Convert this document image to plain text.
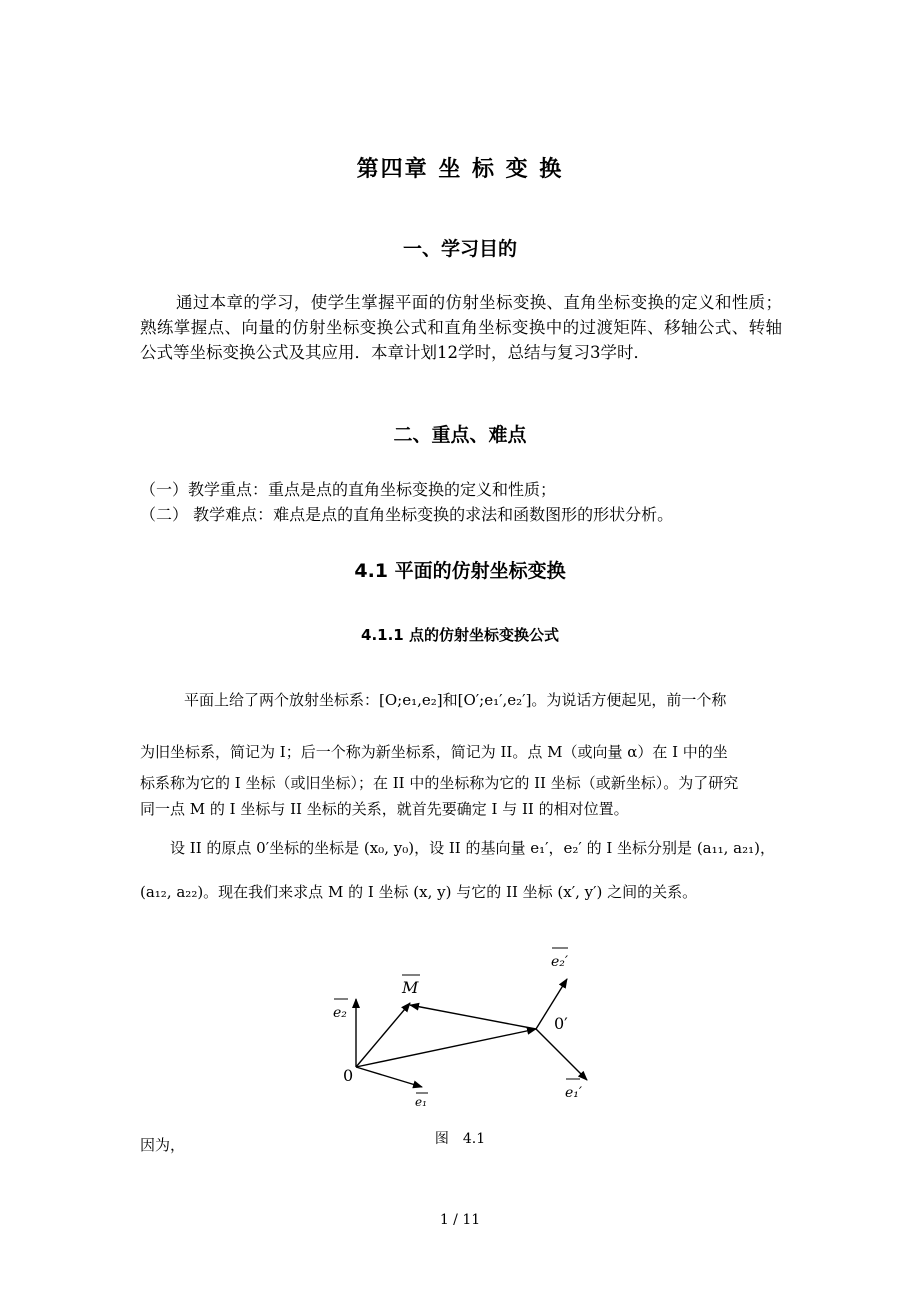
第四章 坐 标 变 换
一、学习目的

通过本章的学习，使学生掌握平面的仿射坐标变换、直角坐标变换的定义和性质；熟练掌握点、向量的仿射坐标变换公式和直角坐标变换中的过渡矩阵、移轴公式、转轴公式等坐标变换公式及其应用．本章计划12学时，总结与复习3学时．

二、重点、难点

（一）教学重点：重点是点的直角坐标变换的定义和性质；

（二） 教学难点：难点是点的直角坐标变换的求法和函数图形的形状分析。

4.1 平面的仿射坐标变换
4.1.1 点的仿射坐标变换公式

平面上给了两个放射坐标系：[O;e₁,e₂]和[O′;e₁′,e₂′]。为说话方便起见，前一个称

为旧坐标系，简记为 I；后一个称为新坐标系，简记为 II。点 M（或向量 α）在 I 中的坐

标系称为它的 I 坐标（或旧坐标）；在 II 中的坐标称为它的 II 坐标（或新坐标）。为了研究

同一点 M 的 I 坐标与 II 坐标的关系，就首先要确定 I 与 II 的相对位置。

设 II 的原点 0′坐标的坐标是 (x₀, y₀)，设 II 的基向量 e₁′，e₂′ 的 I 坐标分别是 (a₁₁, a₂₁)，

(a₁₂, a₂₂)。现在我们来求点 M 的 I 坐标 (x, y) 与它的 II 坐标 (x′, y′) 之间的关系。

0
e₁
e₂
M
0′
e₂′
e₁′

图　4.1

因为，

1 / 11
